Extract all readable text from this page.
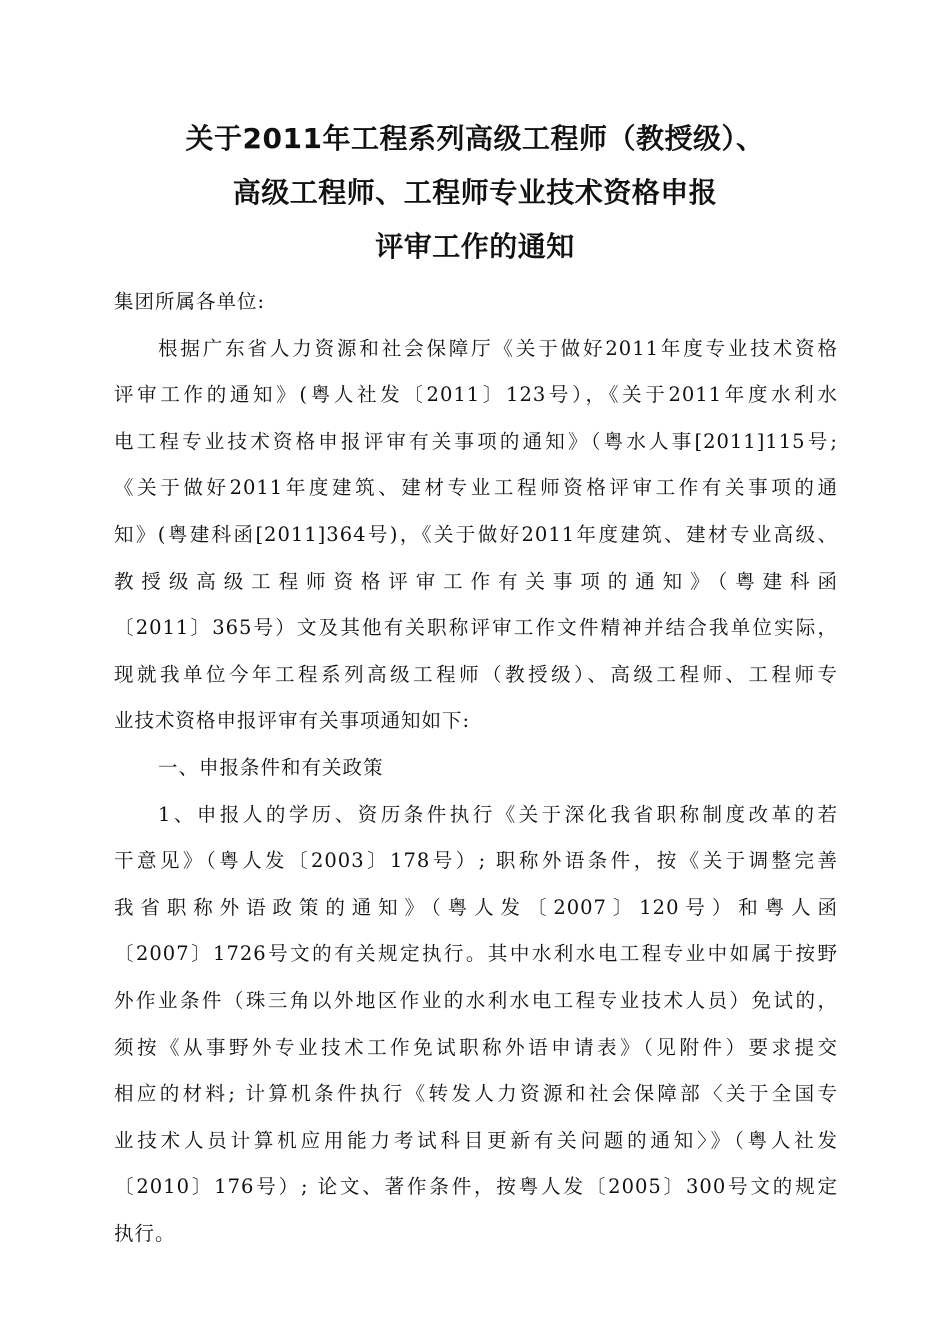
关于2011年工程系列高级工程师（教授级）、
高级工程师、工程师专业技术资格申报
评审工作的通知
集团所属各单位:
根据广东省人力资源和社会保障厅《关于做好2011年度专业技术资格
评审工作的通知》(粤人社发〔2011〕123号），《关于2011年度水利水
电工程专业技术资格申报评审有关事项的通知》（粤水人事[2011]115号;
《关于做好2011年度建筑、建材专业工程师资格评审工作有关事项的通
知》(粤建科函[2011]364号)，《关于做好2011年度建筑、建材专业高级、
教授级高级工程师资格评审工作有关事项的通知》（粤建科函
〔2011〕365号）文及其他有关职称评审工作文件精神并结合我单位实际，
现就我单位今年工程系列高级工程师（教授级）、高级工程师、工程师专
业技术资格申报评审有关事项通知如下:
一、申报条件和有关政策
1、申报人的学历、资历条件执行《关于深化我省职称制度改革的若
干意见》（粤人发〔2003〕178号）; 职称外语条件，按《关于调整完善
我省职称外语政策的通知》（粤人发〔2007〕120号）和粤人函
〔2007〕1726号文的有关规定执行。其中水利水电工程专业中如属于按野
外作业条件（珠三角以外地区作业的水利水电工程专业技术人员）免试的，
须按《从事野外专业技术工作免试职称外语申请表》（见附件）要求提交
相应的材料; 计算机条件执行《转发人力资源和社会保障部〈关于全国专
业技术人员计算机应用能力考试科目更新有关问题的通知〉》（粤人社发
〔2010〕176号）; 论文、著作条件，按粤人发〔2005〕300号文的规定
执行。
